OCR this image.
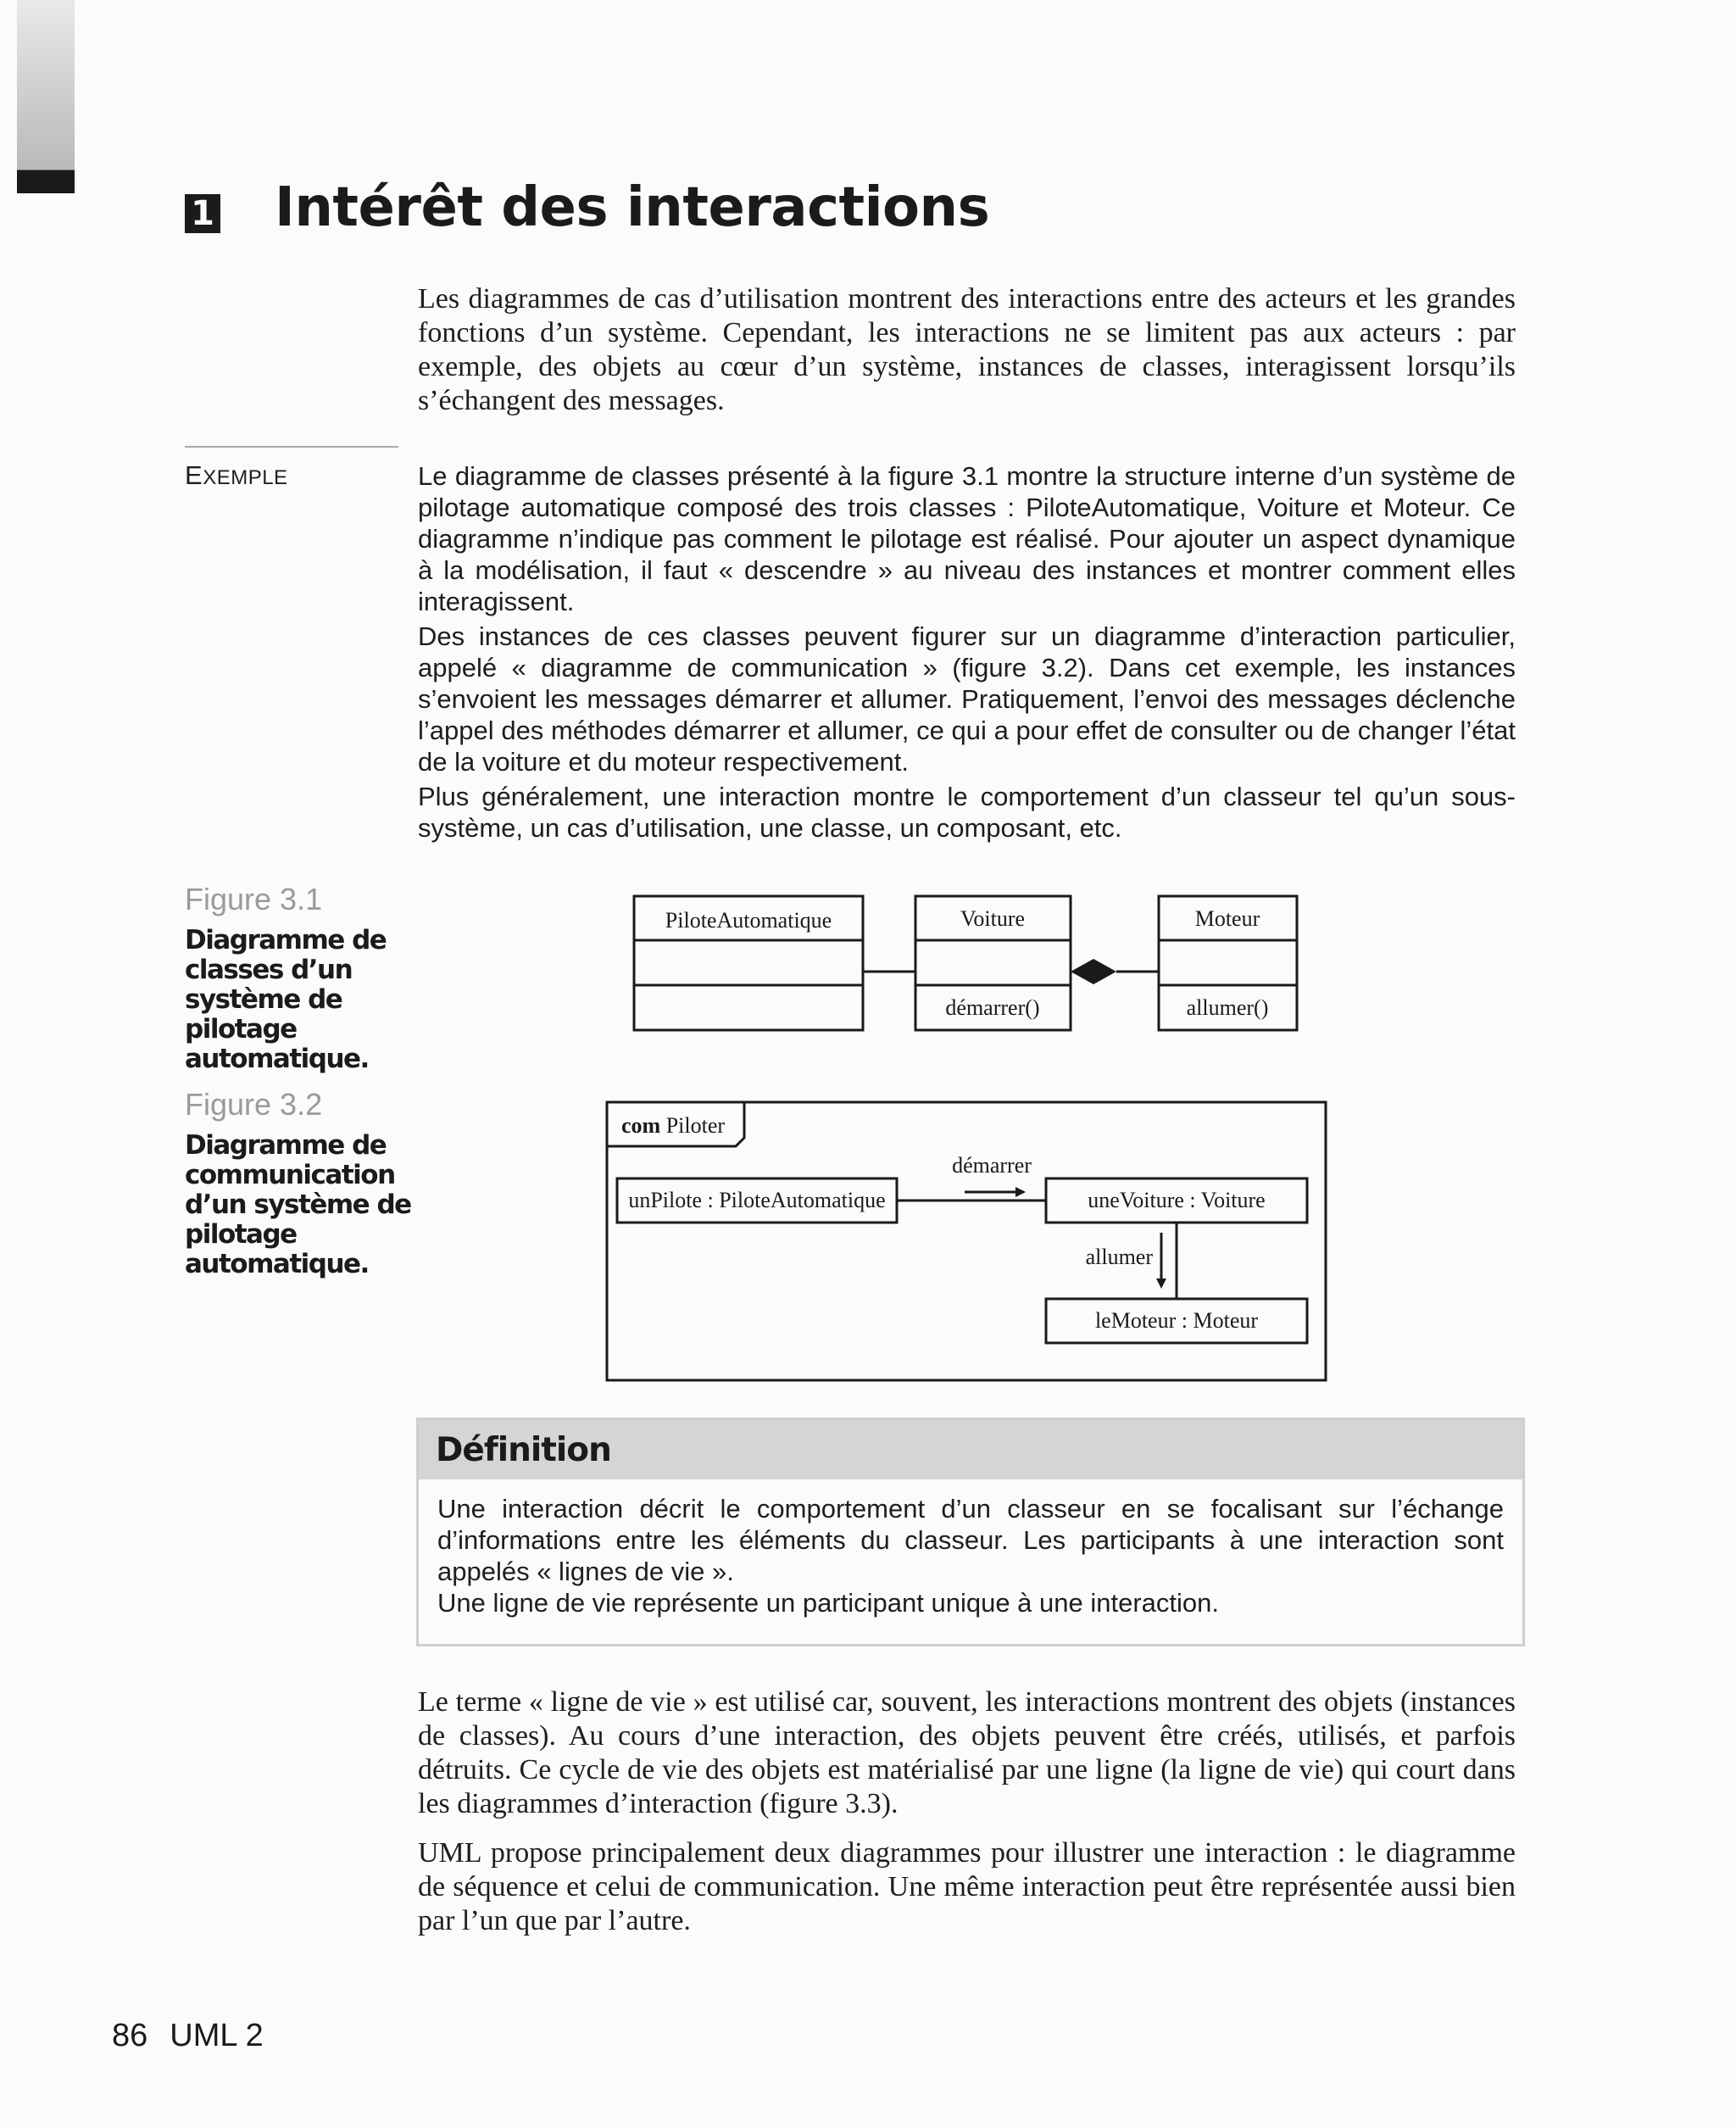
1 Intérêt des interactions

Les diagrammes de cas d’utilisation montrent des interactions entre des acteurs et les grandes fonctions d’un système. Cependant, les interactions ne se limitent pas aux acteurs : par exemple, des objets au cœur d’un système, instances de classes, interagissent lorsqu’ils s’échangent des messages.

EXEMPLE	Le diagramme de classes présenté à la figure 3.1 montre la structure interne d’un système de pilotage automatique composé des trois classes : PiloteAutomatique, Voiture et Moteur. Ce diagramme n’indique pas comment le pilotage est réalisé. Pour ajouter un aspect dynamique à la modélisation, il faut « descendre » au niveau des instances et montrer comment elles interagissent.

Des instances de ces classes peuvent figurer sur un diagramme d’interaction particulier, appelé « diagramme de communication » (figure 3.2). Dans cet exemple, les instances s’envoient les messages démarrer et allumer. Pratiquement, l’envoi des messages déclenche l’appel des méthodes démarrer et allumer, ce qui a pour effet de consulter ou de changer l’état de la voiture et du moteur respectivement.

Plus généralement, une interaction montre le comportement d’un classeur tel qu’un sous-système, un cas d’utilisation, une classe, un composant, etc.

Figure 3.1
Diagramme de classes d’un système de pilotage automatique.
PiloteAutomatique	Voiture
démarrer()
Moteur
allumer()
Figure 3.2
Diagramme de communication d’un système de pilotage automatique.
com Piloter
unPilote : PiloteAutomatique	uneVoiture : Voiture
démarrer
allumer
leMoteur : Moteur
Définition

Une interaction décrit le comportement d’un classeur en se focalisant sur l’échange d’informations entre les éléments du classeur. Les participants à une interaction sont appelés « lignes de vie ».

Une ligne de vie représente un participant unique à une interaction.

Le terme « ligne de vie » est utilisé car, souvent, les interactions montrent des objets (instances de classes). Au cours d’une interaction, des objets peuvent être créés, utilisés, et parfois détruits. Ce cycle de vie des objets est matérialisé par une ligne (la ligne de vie) qui court dans les diagrammes d’interaction (figure 3.3).

UML propose principalement deux diagrammes pour illustrer une interaction : le diagramme de séquence et celui de communication. Une même interaction peut être représentée aussi bien par l’un que par l’autre.

86 UML 2
